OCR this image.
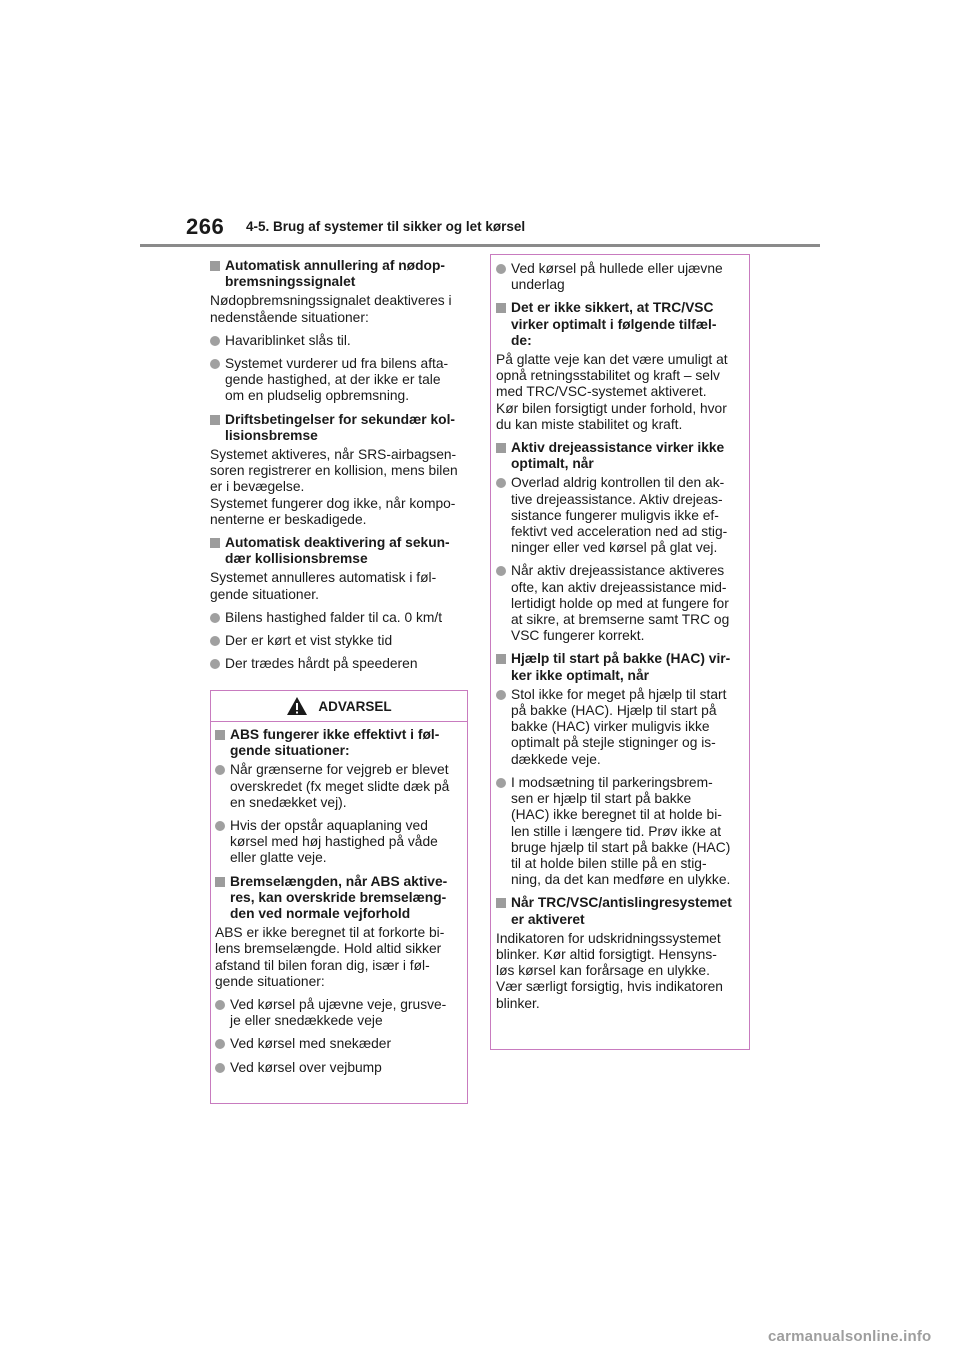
266 4-5. Brug af systemer til sikker og let kørsel
Automatisk annullering af nødop-
bremsningssignalet
Nødopbremsningssignalet deaktiveres i
nedenstående situationer:
Havariblinket slås til.
Systemet vurderer ud fra bilens afta-
gende hastighed, at der ikke er tale
om en pludselig opbremsning.
Driftsbetingelser for sekundær kol-
lisionsbremse
Systemet aktiveres, når SRS-airbagsen-
soren registrerer en kollision, mens bilen
er i bevægelse.
Systemet fungerer dog ikke, når kompo-
nenterne er beskadigede.
Automatisk deaktivering af sekun-
dær kollisionsbremse
Systemet annulleres automatisk i føl-
gende situationer.
Bilens hastighed falder til ca. 0 km/t
Der er kørt et vist stykke tid
Der trædes hårdt på speederen
ADVARSEL
ABS fungerer ikke effektivt i føl-
gende situationer:
Når grænserne for vejgreb er blevet
overskredet (fx meget slidte dæk på
en snedækket vej).
Hvis der opstår aquaplaning ved
kørsel med høj hastighed på våde
eller glatte veje.
Bremselængden, når ABS aktive-
res, kan overskride bremselæng-
den ved normale vejforhold
ABS er ikke beregnet til at forkorte bi-
lens bremselængde. Hold altid sikker
afstand til bilen foran dig, især i føl-
gende situationer:
Ved kørsel på ujævne veje, grusve-
je eller snedækkede veje
Ved kørsel med snekæder
Ved kørsel over vejbump
Ved kørsel på hullede eller ujævne
underlag
Det er ikke sikkert, at TRC/VSC
virker optimalt i følgende tilfæl-
de:
På glatte veje kan det være umuligt at
opnå retningsstabilitet og kraft – selv
med TRC/VSC-systemet aktiveret.
Kør bilen forsigtigt under forhold, hvor
du kan miste stabilitet og kraft.
Aktiv drejeassistance virker ikke
optimalt, når
Overlad aldrig kontrollen til den ak-
tive drejeassistance. Aktiv drejeas-
sistance fungerer muligvis ikke ef-
fektivt ved acceleration ned ad stig-
ninger eller ved kørsel på glat vej.
Når aktiv drejeassistance aktiveres
ofte, kan aktiv drejeassistance mid-
lertidigt holde op med at fungere for
at sikre, at bremserne samt TRC og
VSC fungerer korrekt.
Hjælp til start på bakke (HAC) vir-
ker ikke optimalt, når
Stol ikke for meget på hjælp til start
på bakke (HAC). Hjælp til start på
bakke (HAC) virker muligvis ikke
optimalt på stejle stigninger og is-
dækkede veje.
I modsætning til parkeringsbrem-
sen er hjælp til start på bakke
(HAC) ikke beregnet til at holde bi-
len stille i længere tid. Prøv ikke at
bruge hjælp til start på bakke (HAC)
til at holde bilen stille på en stig-
ning, da det kan medføre en ulykke.
Når TRC/VSC/antislingresystemet
er aktiveret
Indikatoren for udskridningssystemet
blinker. Kør altid forsigtigt. Hensyns-
løs kørsel kan forårsage en ulykke.
Vær særligt forsigtig, hvis indikatoren
blinker.
carmanualsonline.info
